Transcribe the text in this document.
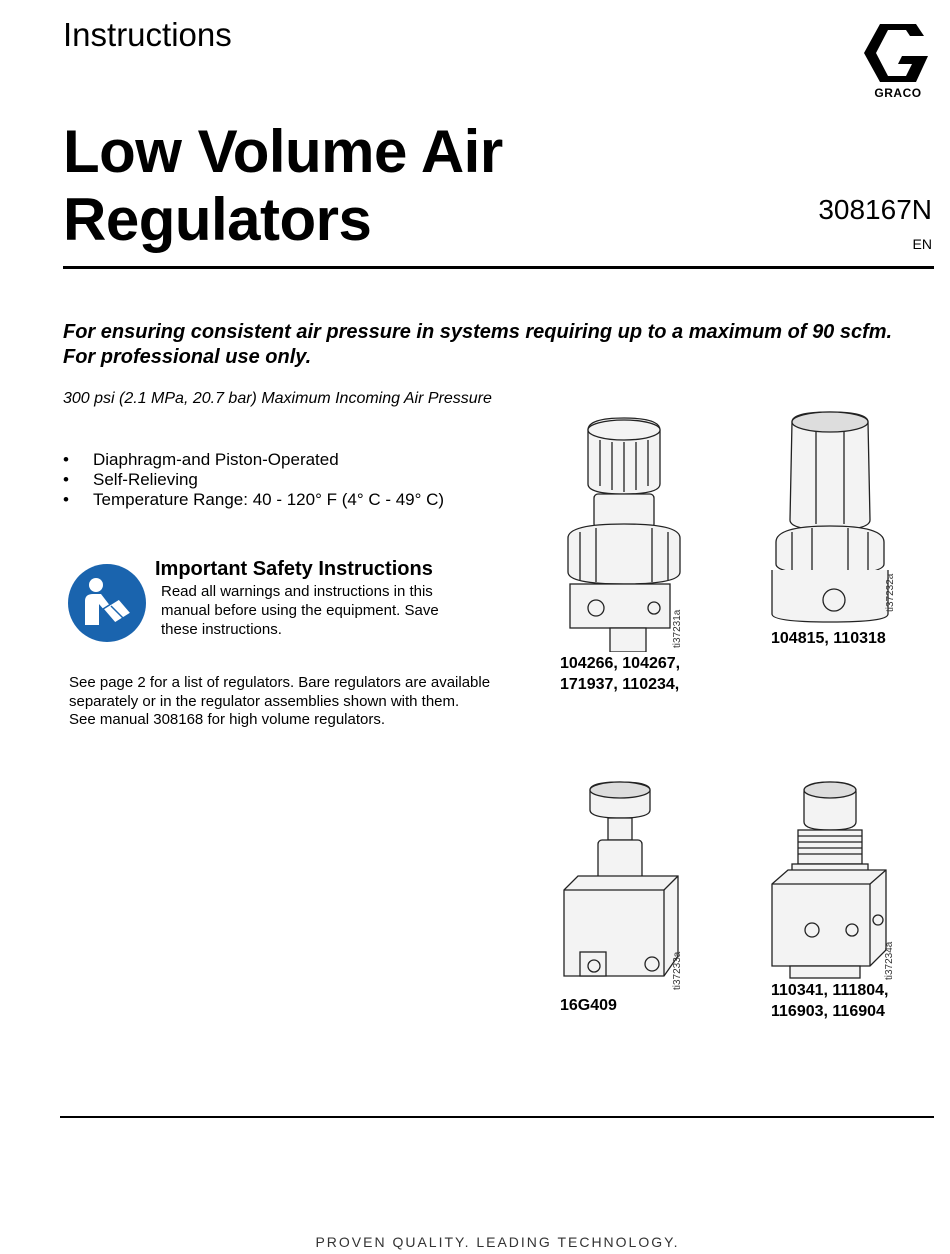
Instructions
GRACO
Low Volume Air
Regulators	308167N
EN
For ensuring consistent air pressure in systems requiring up to a maximum of 90 scfm.
For professional use only.
300 psi (2.1 MPa, 20.7 bar) Maximum Incoming Air Pressure
• Diaphragm-and Piston-Operated
• Self-Relieving
• Temperature Range: 40 - 120° F (4° C - 49° C)
Important Safety Instructions
Read all warnings and instructions in this
manual before using the equipment. Save
these instructions.
See page 2 for a list of regulators. Bare regulators are available
separately or in the regulator assemblies shown with them.
See manual 308168 for high volume regulators.
ti37231a
104266, 104267,
171937, 110234,
ti37232a
104815, 110318
ti37233a
16G409
ti37234a
110341, 111804,
116903, 116904
PROVEN QUALITY. LEADING TECHNOLOGY.
